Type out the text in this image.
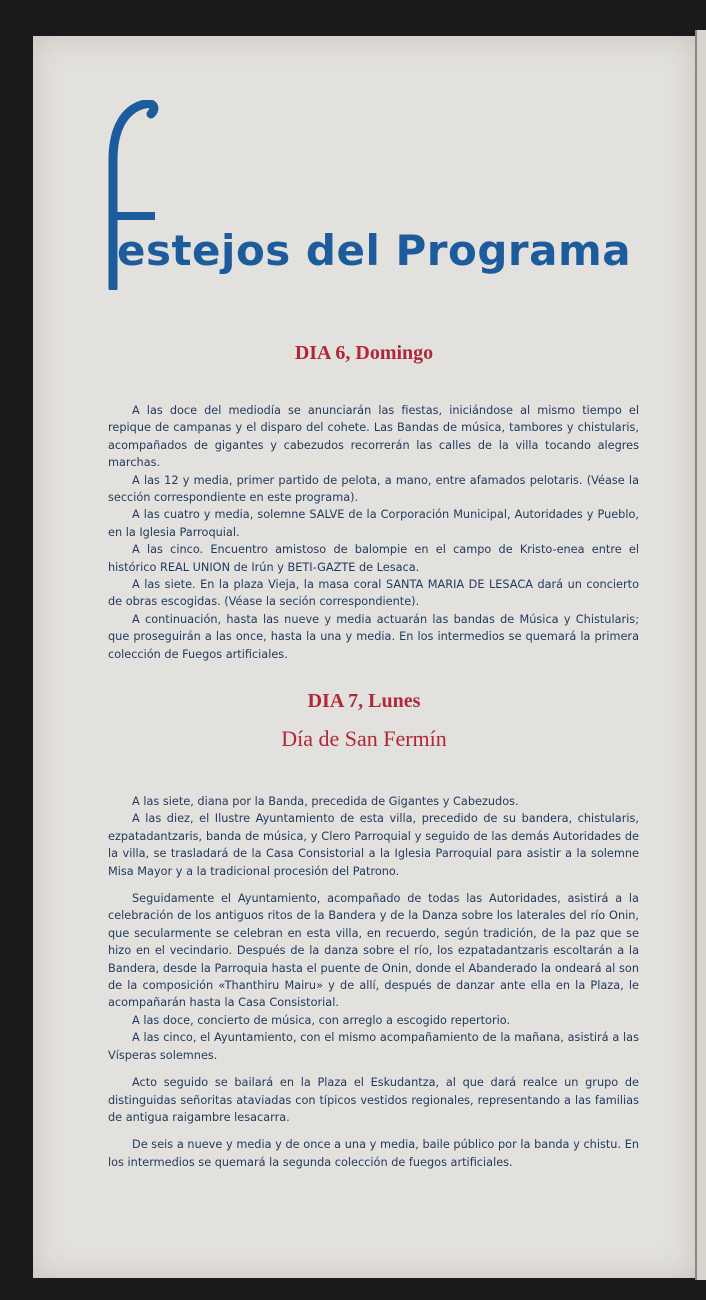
estejos del Programa
DIA 6, Domingo

A las doce del mediodía se anunciarán las fiestas, iniciándose al mismo tiempo el repique de campanas y el disparo del cohete. Las Bandas de música, tambores y chistularis, acompañados de gigantes y cabezudos recorrerán las calles de la villa tocando alegres marchas.

A las 12 y media, primer partido de pelota, a mano, entre afamados pelotaris. (Véase la sección correspondiente en este programa).

A las cuatro y media, solemne SALVE de la Corporación Municipal, Autoridades y Pueblo, en la Iglesia Parroquial.

A las cinco. Encuentro amistoso de balompie en el campo de Kristo-enea entre el histórico REAL UNION de Irún y BETI-GAZTE de Lesaca.

A las siete. En la plaza Vieja, la masa coral SANTA MARIA DE LESACA dará un concierto de obras escogidas. (Véase la seción correspondiente).

A continuación, hasta las nueve y media actuarán las bandas de Música y Chistularis; que proseguirán a las once, hasta la una y media. En los intermedios se quemará la primera colección de Fuegos artificiales.

DIA 7, Lunes
Día de San Fermín

A las siete, diana por la Banda, precedida de Gigantes y Cabezudos.

A las diez, el Ilustre Ayuntamiento de esta villa, precedido de su bandera, chistularis, ezpatadantzaris, banda de música, y Clero Parroquial y seguido de las demás Autoridades de la villa, se trasladará de la Casa Consistorial a la Iglesia Parroquial para asistir a la solemne Misa Mayor y a la tradicional procesión del Patrono.

Seguidamente el Ayuntamiento, acompañado de todas las Autoridades, asistirá a la celebración de los antiguos ritos de la Bandera y de la Danza sobre los laterales del río Onin, que secularmente se celebran en esta villa, en recuerdo, según tradición, de la paz que se hizo en el vecindario. Después de la danza sobre el río, los ezpatadantzaris escoltarán a la Bandera, desde la Parroquia hasta el puente de Onin, donde el Abanderado la ondeará al son de la composición «Thanthiru Mairu» y de allí, después de danzar ante ella en la Plaza, le acompañarán hasta la Casa Consistorial.

A las doce, concierto de música, con arreglo a escogido repertorio.

A las cinco, el Ayuntamiento, con el mismo acompañamiento de la mañana, asistirá a las Vísperas solemnes.

Acto seguido se bailará en la Plaza el Eskudantza, al que dará realce un grupo de distinguidas señoritas ataviadas con típicos vestidos regionales, representando a las familias de antigua raigambre lesacarra.

De seis a nueve y media y de once a una y media, baile público por la banda y chistu. En los intermedios se quemará la segunda colección de fuegos artificiales.
